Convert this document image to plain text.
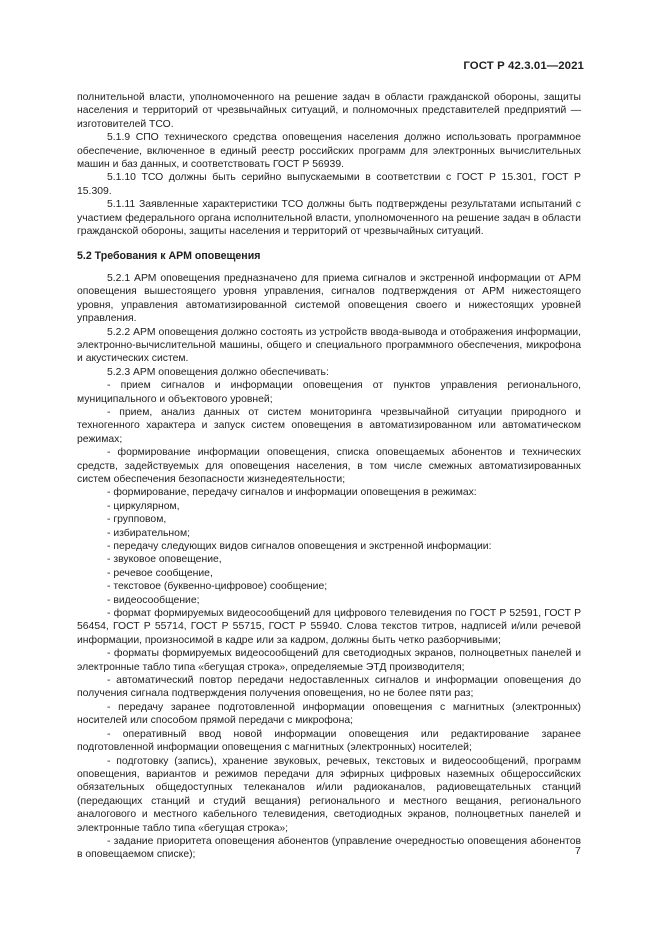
ГОСТ Р 42.3.01—2021

полнительной власти, уполномоченного на решение задач в области гражданской обороны, защиты населения и территорий от чрезвычайных ситуаций, и полномочных представителей предприятий — изготовителей ТСО.

5.1.9 СПО технического средства оповещения населения должно использовать программное обеспечение, включенное в единый реестр российских программ для электронных вычислительных машин и баз данных, и соответствовать ГОСТ Р 56939.

5.1.10 ТСО должны быть серийно выпускаемыми в соответствии с ГОСТ Р 15.301, ГОСТ Р 15.309.

5.1.11 Заявленные характеристики ТСО должны быть подтверждены результатами испытаний с участием федерального органа исполнительной власти, уполномоченного на решение задач в области гражданской обороны, защиты населения и территорий от чрезвычайных ситуаций.

5.2 Требования к АРМ оповещения

5.2.1 АРМ оповещения предназначено для приема сигналов и экстренной информации от АРМ оповещения вышестоящего уровня управления, сигналов подтверждения от АРМ нижестоящего уровня, управления автоматизированной системой оповещения своего и нижестоящих уровней управления.

5.2.2 АРМ оповещения должно состоять из устройств ввода-вывода и отображения информации, электронно-вычислительной машины, общего и специального программного обеспечения, микрофона и акустических систем.

5.2.3 АРМ оповещения должно обеспечивать:

- прием сигналов и информации оповещения от пунктов управления регионального, муниципального и объектового уровней;

- прием, анализ данных от систем мониторинга чрезвычайной ситуации природного и техногенного характера и запуск систем оповещения в автоматизированном или автоматическом режимах;

- формирование информации оповещения, списка оповещаемых абонентов и технических средств, задействуемых для оповещения населения, в том числе смежных автоматизированных систем обеспечения безопасности жизнедеятельности;

- формирование, передачу сигналов и информации оповещения в режимах:

- циркулярном,

- групповом,

- избирательном;

- передачу следующих видов сигналов оповещения и экстренной информации:

- звуковое оповещение,

- речевое сообщение,

- текстовое (буквенно-цифровое) сообщение;

- видеосообщение;

- формат формируемых видеосообщений для цифрового телевидения по ГОСТ Р 52591, ГОСТ Р 56454, ГОСТ Р 55714, ГОСТ Р 55715, ГОСТ Р 55940. Слова текстов титров, надписей и/или речевой информации, произносимой в кадре или за кадром, должны быть четко разборчивыми;

- форматы формируемых видеосообщений для светодиодных экранов, полноцветных панелей и электронные табло типа «бегущая строка», определяемые ЭТД производителя;

- автоматический повтор передачи недоставленных сигналов и информации оповещения до получения сигнала подтверждения получения оповещения, но не более пяти раз;

- передачу заранее подготовленной информации оповещения с магнитных (электронных) носителей или способом прямой передачи с микрофона;

- оперативный ввод новой информации оповещения или редактирование заранее подготовленной информации оповещения с магнитных (электронных) носителей;

- подготовку (запись), хранение звуковых, речевых, текстовых и видеосообщений, программ оповещения, вариантов и режимов передачи для эфирных цифровых наземных общероссийских обязательных общедоступных телеканалов и/или радиоканалов, радиовещательных станций (передающих станций и студий вещания) регионального и местного вещания, регионального аналогового и местного кабельного телевидения, светодиодных экранов, полноцветных панелей и электронные табло типа «бегущая строка»;

- задание приоритета оповещения абонентов (управление очередностью оповещения абонентов в оповещаемом списке);	7
